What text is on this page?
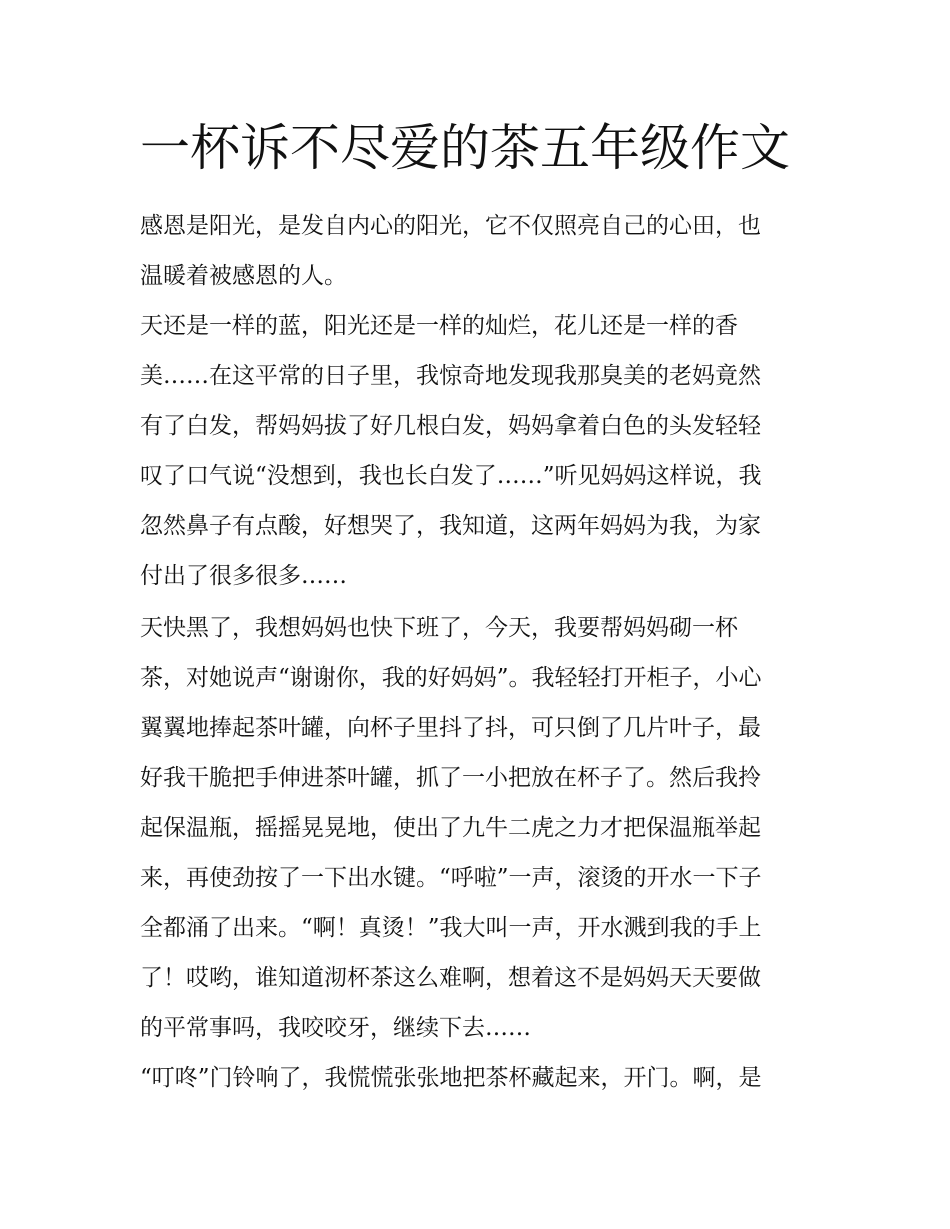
一杯诉不尽爱的茶五年级作文

感恩是阳光，是发自内心的阳光，它不仅照亮自己的心田，也

温暖着被感恩的人。

天还是一样的蓝，阳光还是一样的灿烂，花儿还是一样的香

美……在这平常的日子里，我惊奇地发现我那臭美的老妈竟然

有了白发，帮妈妈拔了好几根白发，妈妈拿着白色的头发轻轻

叹了口气说“没想到，我也长白发了……”听见妈妈这样说，我

忽然鼻子有点酸，好想哭了，我知道，这两年妈妈为我，为家

付出了很多很多……

天快黑了，我想妈妈也快下班了，今天，我要帮妈妈砌一杯

茶，对她说声“谢谢你，我的好妈妈”。我轻轻打开柜子，小心

翼翼地捧起茶叶罐，向杯子里抖了抖，可只倒了几片叶子，最

好我干脆把手伸进茶叶罐，抓了一小把放在杯子了。然后我拎

起保温瓶，摇摇晃晃地，使出了九牛二虎之力才把保温瓶举起

来，再使劲按了一下出水键。“呼啦”一声，滚烫的开水一下子

全都涌了出来。“啊！真烫！”我大叫一声，开水溅到我的手上

了！哎哟，谁知道沏杯茶这么难啊，想着这不是妈妈天天要做

的平常事吗，我咬咬牙，继续下去……

“叮咚”门铃响了，我慌慌张张地把茶杯藏起来，开门。啊，是
